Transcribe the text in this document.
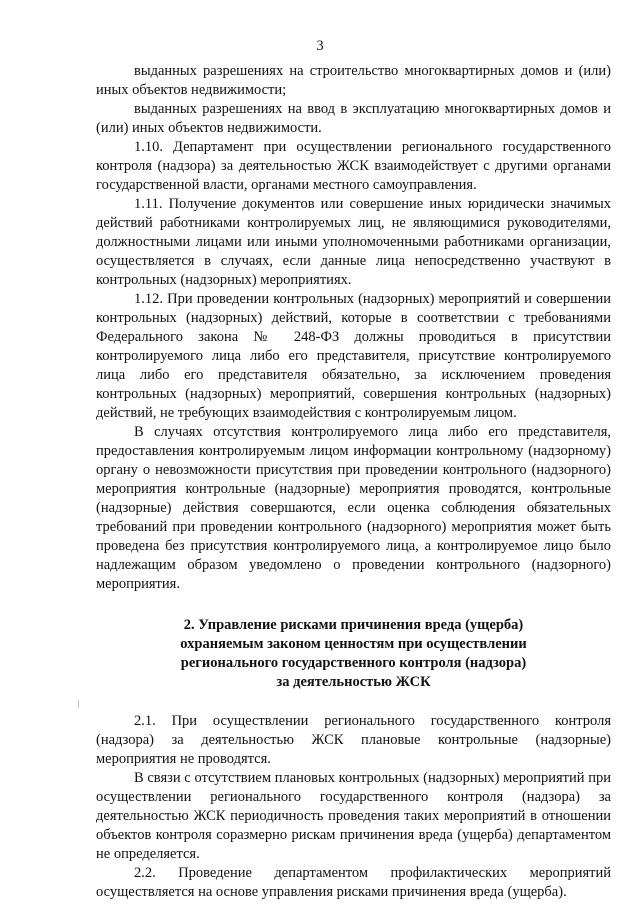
3

выданных разрешениях на строительство многоквартирных домов и (или) иных объектов недвижимости;

выданных разрешениях на ввод в эксплуатацию многоквартирных домов и (или) иных объектов недвижимости.

1.10. Департамент при осуществлении регионального государственного контроля (надзора) за деятельностью ЖСК взаимодействует с другими органами государственной власти, органами местного самоуправления.

1.11. Получение документов или совершение иных юридически значимых действий работниками контролируемых лиц, не являющимися руководителями, должностными лицами или иными уполномоченными работниками организации, осуществляется в случаях, если данные лица непосредственно участвуют в контрольных (надзорных) мероприятиях.

1.12. При проведении контрольных (надзорных) мероприятий и совершении контрольных (надзорных) действий, которые в соответствии с требованиями Федерального закона № 248-ФЗ должны проводиться в присутствии контролируемого лица либо его представителя, присутствие контролируемого лица либо его представителя обязательно, за исключением проведения контрольных (надзорных) мероприятий, совершения контрольных (надзорных) действий, не требующих взаимодействия с контролируемым лицом.

В случаях отсутствия контролируемого лица либо его представителя, предоставления контролируемым лицом информации контрольному (надзорному) органу о невозможности присутствия при проведении контрольного (надзорного) мероприятия контрольные (надзорные) мероприятия проводятся, контрольные (надзорные) действия совершаются, если оценка соблюдения обязательных требований при проведении контрольного (надзорного) мероприятия может быть проведена без присутствия контролируемого лица, а контролируемое лицо было надлежащим образом уведомлено о проведении контрольного (надзорного) мероприятия.

2. Управление рисками причинения вреда (ущерба)
охраняемым законом ценностям при осуществлении
регионального государственного контроля (надзора)
за деятельностью ЖСК

2.1. При осуществлении регионального государственного контроля (надзора) за деятельностью ЖСК плановые контрольные (надзорные) мероприятия не проводятся.

В связи с отсутствием плановых контрольных (надзорных) мероприятий при осуществлении регионального государственного контроля (надзора) за деятельностью ЖСК периодичность проведения таких мероприятий в отношении объектов контроля соразмерно рискам причинения вреда (ущерба) департаментом не определяется.

2.2. Проведение департаментом профилактических мероприятий осуществляется на основе управления рисками причинения вреда (ущерба).
